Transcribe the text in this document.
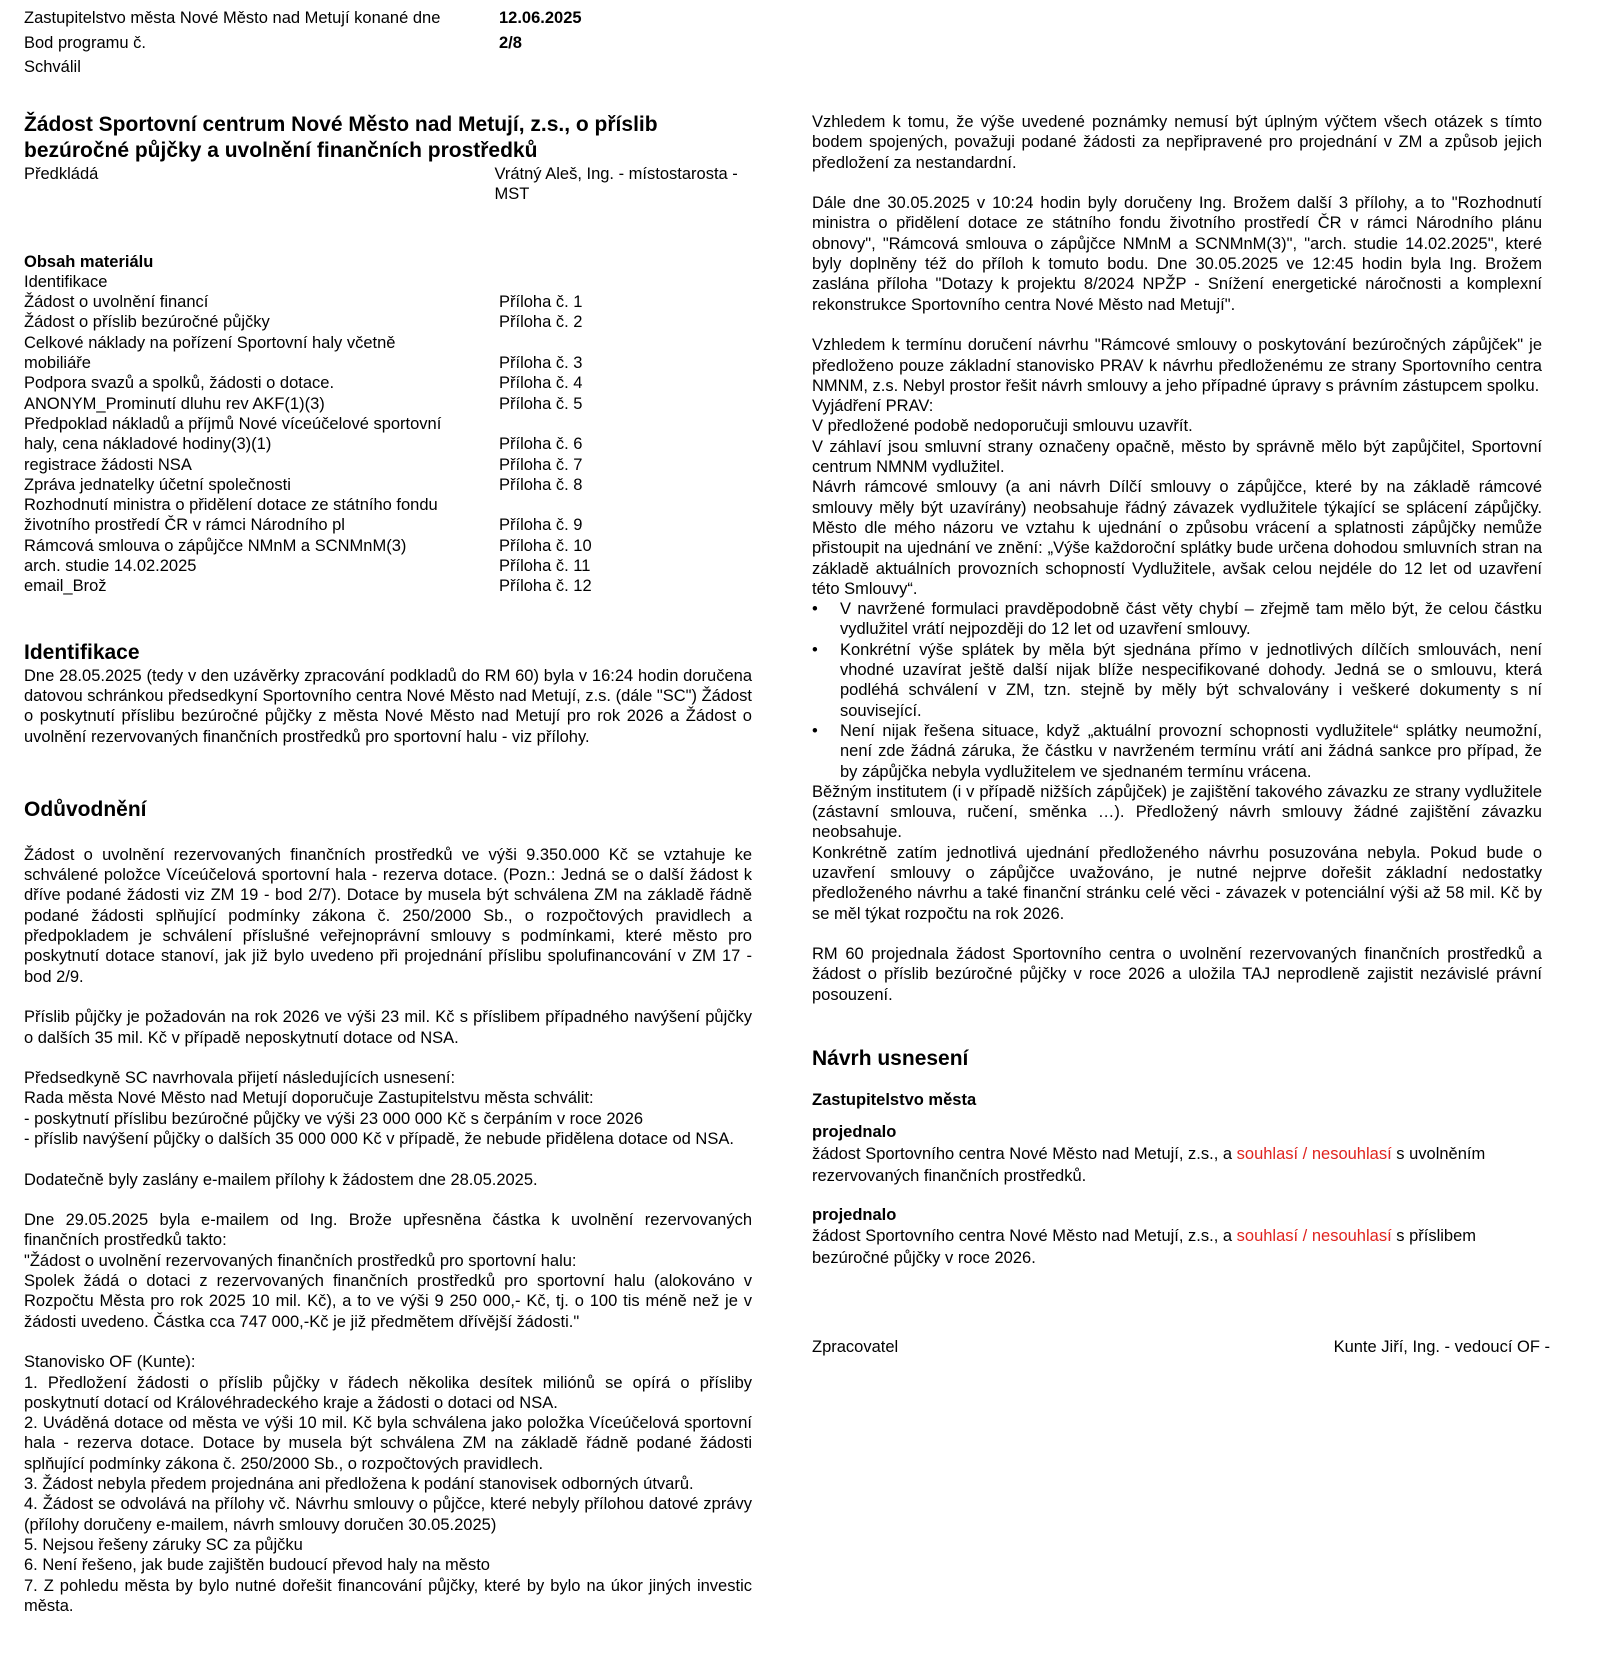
Zastupitelstvo města Nové Město nad Metují konané dne	12.06.2025
Bod programu č.	2/8
Schválil
Žádost Sportovní centrum Nové Město nad Metují, z.s., o příslib bezúročné půjčky a uvolnění finančních prostředků
Předkládá	Vrátný Aleš, Ing. - místostarosta - MST
Obsah materiálu
Identifikace
Žádost o uvolnění financí	Příloha č. 1
Žádost o příslib bezúročné půjčky	Příloha č. 2
Celkové náklady na pořízení Sportovní haly včetně mobiliáře	Příloha č. 3
Podpora svazů a spolků, žádosti o dotace.	Příloha č. 4
ANONYM_Prominutí dluhu rev AKF(1)(3)	Příloha č. 5
Předpoklad nákladů a příjmů Nové víceúčelové sportovní haly, cena nákladové hodiny(3)(1)	Příloha č. 6
registrace žádosti NSA	Příloha č. 7
Zpráva jednatelky účetní společnosti	Příloha č. 8
Rozhodnutí ministra o přidělení dotace ze státního fondu životního prostředí ČR v rámci Národního pl	Příloha č. 9
Rámcová smlouva o zápůjčce NMnM a SCNMnM(3)	Příloha č. 10
arch. studie 14.02.2025	Příloha č. 11
email_Brož	Příloha č. 12
Identifikace

Dne 28.05.2025 (tedy v den uzávěrky zpracování podkladů do RM 60) byla v 16:24 hodin doručena datovou schránkou předsedkyní Sportovního centra Nové Město nad Metují, z.s. (dále "SC") Žádost o poskytnutí příslibu bezúročné půjčky z města Nové Město nad Metují pro rok 2026 a Žádost o uvolnění rezervovaných finančních prostředků pro sportovní halu - viz přílohy.

Odůvodnění

Žádost o uvolnění rezervovaných finančních prostředků ve výši 9.350.000 Kč se vztahuje ke schválené položce Víceúčelová sportovní hala - rezerva dotace. (Pozn.: Jedná se o další žádost k dříve podané žádosti viz ZM 19 - bod 2/7). Dotace by musela být schválena ZM na základě řádně podané žádosti splňující podmínky zákona č. 250/2000 Sb., o rozpočtových pravidlech a předpokladem je schválení příslušné veřejnoprávní smlouvy s podmínkami, které město pro poskytnutí dotace stanoví, jak již bylo uvedeno při projednání příslibu spolufinancování v ZM 17 - bod 2/9.

Příslib půjčky je požadován na rok 2026 ve výši 23 mil. Kč s příslibem případného navýšení půjčky o dalších 35 mil. Kč v případě neposkytnutí dotace od NSA.

Předsedkyně SC navrhovala přijetí následujících usnesení:

Rada města Nové Město nad Metují doporučuje Zastupitelstvu města schválit:

- poskytnutí příslibu bezúročné půjčky ve výši 23 000 000 Kč s čerpáním v roce 2026

- příslib navýšení půjčky o dalších 35 000 000 Kč v případě, že nebude přidělena dotace od NSA.

Dodatečně byly zaslány e-mailem přílohy k žádostem dne 28.05.2025.

Dne 29.05.2025 byla e-mailem od Ing. Brože upřesněna částka k uvolnění rezervovaných finančních prostředků takto:

"Žádost o uvolnění rezervovaných finančních prostředků pro sportovní halu:

Spolek žádá o dotaci z rezervovaných finančních prostředků pro sportovní halu (alokováno v Rozpočtu Města pro rok 2025 10 mil. Kč), a to ve výši 9 250 000,- Kč, tj. o 100 tis méně než je v žádosti uvedeno. Částka cca 747 000,-Kč je již předmětem dřívější žádosti."

Stanovisko OF (Kunte):

1. Předložení žádosti o příslib půjčky v řádech několika desítek miliónů se opírá o přísliby poskytnutí dotací od Královéhradeckého kraje a žádosti o dotaci od NSA.

2. Uváděná dotace od města ve výši 10 mil. Kč byla schválena jako položka Víceúčelová sportovní hala - rezerva dotace. Dotace by musela být schválena ZM na základě řádně podané žádosti splňující podmínky zákona č. 250/2000 Sb., o rozpočtových pravidlech.

3. Žádost nebyla předem projednána ani předložena k podání stanovisek odborných útvarů.

4. Žádost se odvolává na přílohy vč. Návrhu smlouvy o půjčce, které nebyly přílohou datové zprávy (přílohy doručeny e-mailem, návrh smlouvy doručen 30.05.2025)

5. Nejsou řešeny záruky SC za půjčku

6. Není řešeno, jak bude zajištěn budoucí převod haly na město

7. Z pohledu města by bylo nutné dořešit financování půjčky, které by bylo na úkor jiných investic města.

Vzhledem k tomu, že výše uvedené poznámky nemusí být úplným výčtem všech otázek s tímto bodem spojených, považuji podané žádosti za nepřipravené pro projednání v ZM a způsob jejich předložení za nestandardní.

Dále dne 30.05.2025 v 10:24 hodin byly doručeny Ing. Brožem další 3 přílohy, a to "Rozhodnutí ministra o přidělení dotace ze státního fondu životního prostředí ČR v rámci Národního plánu obnovy", "Rámcová smlouva o zápůjčce NMnM a SCNMnM(3)", "arch. studie 14.02.2025", které byly doplněny též do příloh k tomuto bodu. Dne 30.05.2025 ve 12:45 hodin byla Ing. Brožem zaslána příloha "Dotazy k projektu 8/2024 NPŽP - Snížení energetické náročnosti a komplexní rekonstrukce Sportovního centra Nové Město nad Metují".

Vzhledem k termínu doručení návrhu "Rámcové smlouvy o poskytování bezúročných zápůjček" je předloženo pouze základní stanovisko PRAV k návrhu předloženému ze strany Sportovního centra NMNM, z.s. Nebyl prostor řešit návrh smlouvy a jeho případné úpravy s právním zástupcem spolku.

Vyjádření PRAV:

V předložené podobě nedoporučuji smlouvu uzavřít.

V záhlaví jsou smluvní strany označeny opačně, město by správně mělo být zapůjčitel, Sportovní centrum NMNM vydlužitel.

Návrh rámcové smlouvy (a ani návrh Dílčí smlouvy o zápůjčce, které by na základě rámcové smlouvy měly být uzavírány) neobsahuje řádný závazek vydlužitele týkající se splácení zápůjčky. Město dle mého názoru ve vztahu k ujednání o způsobu vrácení a splatnosti zápůjčky nemůže přistoupit na ujednání ve znění: „Výše každoroční splátky bude určena dohodou smluvních stran na základě aktuálních provozních schopností Vydlužitele, avšak celou nejdéle do 12 let od uzavření této Smlouvy“.

• V navržené formulaci pravděpodobně část věty chybí – zřejmě tam mělo být, že celou částku vydlužitel vrátí nejpozději do 12 let od uzavření smlouvy.
• Konkrétní výše splátek by měla být sjednána přímo v jednotlivých dílčích smlouvách, není vhodné uzavírat ještě další nijak blíže nespecifikované dohody. Jedná se o smlouvu, která podléhá schválení v ZM, tzn. stejně by měly být schvalovány i veškeré dokumenty s ní související.
• Není nijak řešena situace, když „aktuální provozní schopnosti vydlužitele“ splátky neumožní, není zde žádná záruka, že částku v navrženém termínu vrátí ani žádná sankce pro případ, že by zápůjčka nebyla vydlužitelem ve sjednaném termínu vrácena.

Běžným institutem (i v případě nižších zápůjček) je zajištění takového závazku ze strany vydlužitele (zástavní smlouva, ručení, směnka …). Předložený návrh smlouvy žádné zajištění závazku neobsahuje.

Konkrétně zatím jednotlivá ujednání předloženého návrhu posuzována nebyla. Pokud bude o uzavření smlouvy o zápůjčce uvažováno, je nutné nejprve dořešit základní nedostatky předloženého návrhu a také finanční stránku celé věci - závazek v potenciální výši až 58 mil. Kč by se měl týkat rozpočtu na rok 2026.

RM 60 projednala žádost Sportovního centra o uvolnění rezervovaných finančních prostředků a žádost o příslib bezúročné půjčky v roce 2026 a uložila TAJ neprodleně zajistit nezávislé právní posouzení.

Návrh usnesení

Zastupitelstvo města

projednalo

žádost Sportovního centra Nové Město nad Metují, z.s., a souhlasí / nesouhlasí s uvolněním rezervovaných finančních prostředků.

projednalo

žádost Sportovního centra Nové Město nad Metují, z.s., a souhlasí / nesouhlasí s příslibem bezúročné půjčky v roce 2026.

Zpracovatel	Kunte Jiří, Ing. - vedoucí OF -
